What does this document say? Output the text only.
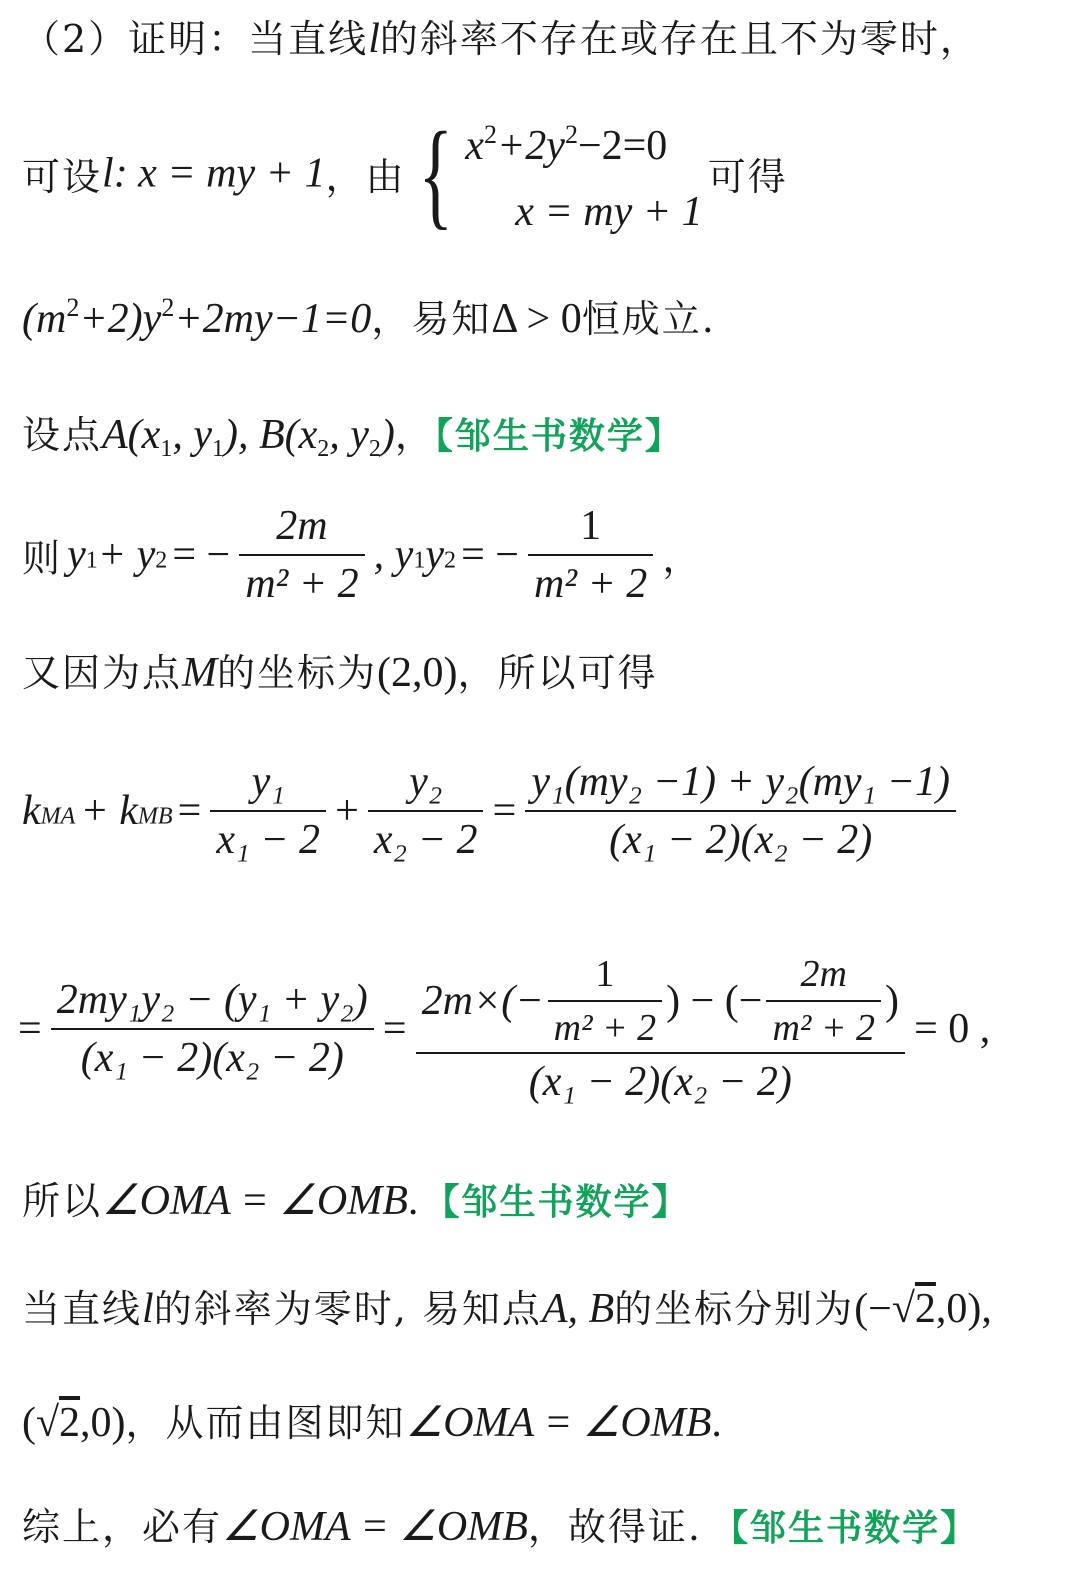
（2）证明：当直线l的斜率不存在或存在且不为零时，
可设l: x = my + 1，由 { $x^2+2y^2-2=0$
x = my + 1
可得
(m2+2)y2+2my−1=0，易知Δ > 0恒成立.
设点A(x1, y1), B(x2, y2)，【邹生书数学】
则 y1+ y2 = − $\frac{2m}{\text{m² + 2}}$ , y1y2 = − $\frac{1}{\text{m² + 2}}$ ，
又因为点M的坐标为(2,0)，所以可得
kMA + kMB = $\frac{\text{y₁}}{\text{x₁ − 2}} + \frac{\text{y₂}}{\text{x₂ − 2}} = \frac{\text{y₁(my₂ −1) + y₂(my₁ −1)}}{\text{(x₁ − 2)(x₂ − 2)}}$
= $\frac{\text{2my₁y₂ − (y₁ + y₂)}}{\text{(x₁ − 2)(x₂ − 2)}} = \frac{2m\times(- \frac{1}{\text{m² + 2}} ) - (- \frac{2m}{\text{m² + 2}} )}{\text{(x₁ − 2)(x₂ − 2)}} = 0$ ,
所以∠OMA = ∠OMB. 【邹生书数学】
当直线l的斜率为零时, 易知点A, B的坐标分别为(−√2,0),
(√2,0)，从而由图即知∠OMA = ∠OMB.
综上，必有∠OMA = ∠OMB，故得证. 【邹生书数学】
